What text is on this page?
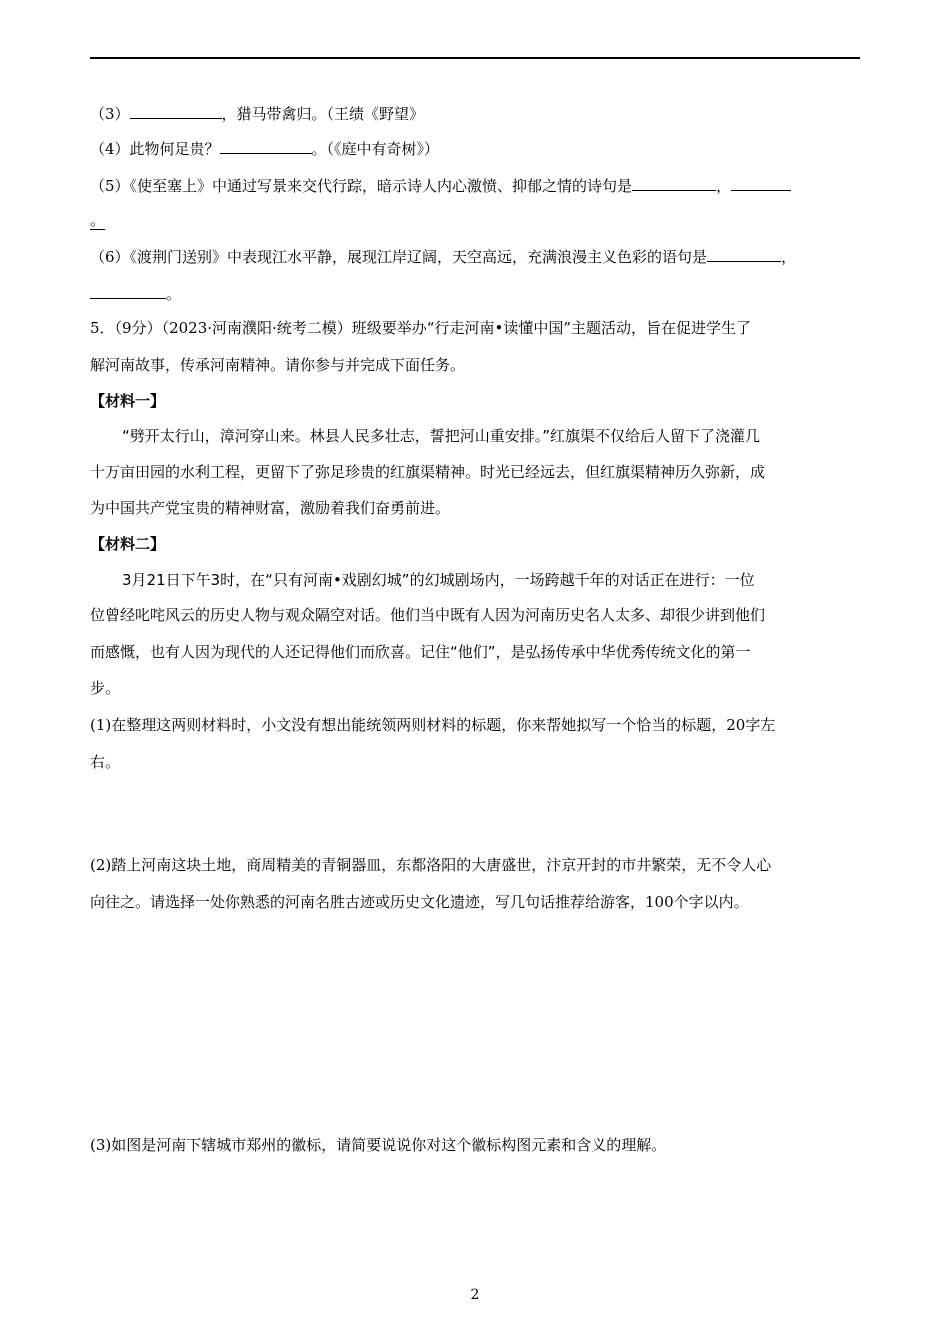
（3）	，猎马带禽归。（王绩《野望》
（4）此物何足贵？	。（《庭中有奇树》）
（5）《使至塞上》中通过写景来交代行踪，暗示诗人内心激愤、抑郁之情的诗句是	，
。
（6）《渡荆门送别》中表现江水平静，展现江岸辽阔，天空高远，充满浪漫主义色彩的语句是	，
。
5．（9分）（2023·河南濮阳·统考二模）班级要举办“行走河南•读懂中国”主题活动，旨在促进学生了
解河南故事，传承河南精神。请你参与并完成下面任务。
【材料一】
“劈开太行山，漳河穿山来。林县人民多壮志，誓把河山重安排。”红旗渠不仅给后人留下了浇灌几
十万亩田园的水利工程，更留下了弥足珍贵的红旗渠精神。时光已经远去，但红旗渠精神历久弥新，成
为中国共产党宝贵的精神财富，激励着我们奋勇前进。
【材料二】
3月21日下午3时，在“只有河南•戏剧幻城”的幻城剧场内，一场跨越千年的对话正在进行：一位
位曾经叱咤风云的历史人物与观众隔空对话。他们当中既有人因为河南历史名人太多、却很少讲到他们
而感慨，也有人因为现代的人还记得他们而欣喜。记住“他们”，是弘扬传承中华优秀传统文化的第一
步。
(1)在整理这两则材料时，小文没有想出能统领两则材料的标题，你来帮她拟写一个恰当的标题，20字左
右。
(2)踏上河南这块土地，商周精美的青铜器皿，东都洛阳的大唐盛世，汴京开封的市井繁荣，无不令人心
向往之。请选择一处你熟悉的河南名胜古迹或历史文化遗迹，写几句话推荐给游客，100个字以内。
(3)如图是河南下辖城市郑州的徽标，请简要说说你对这个徽标构图元素和含义的理解。
2
